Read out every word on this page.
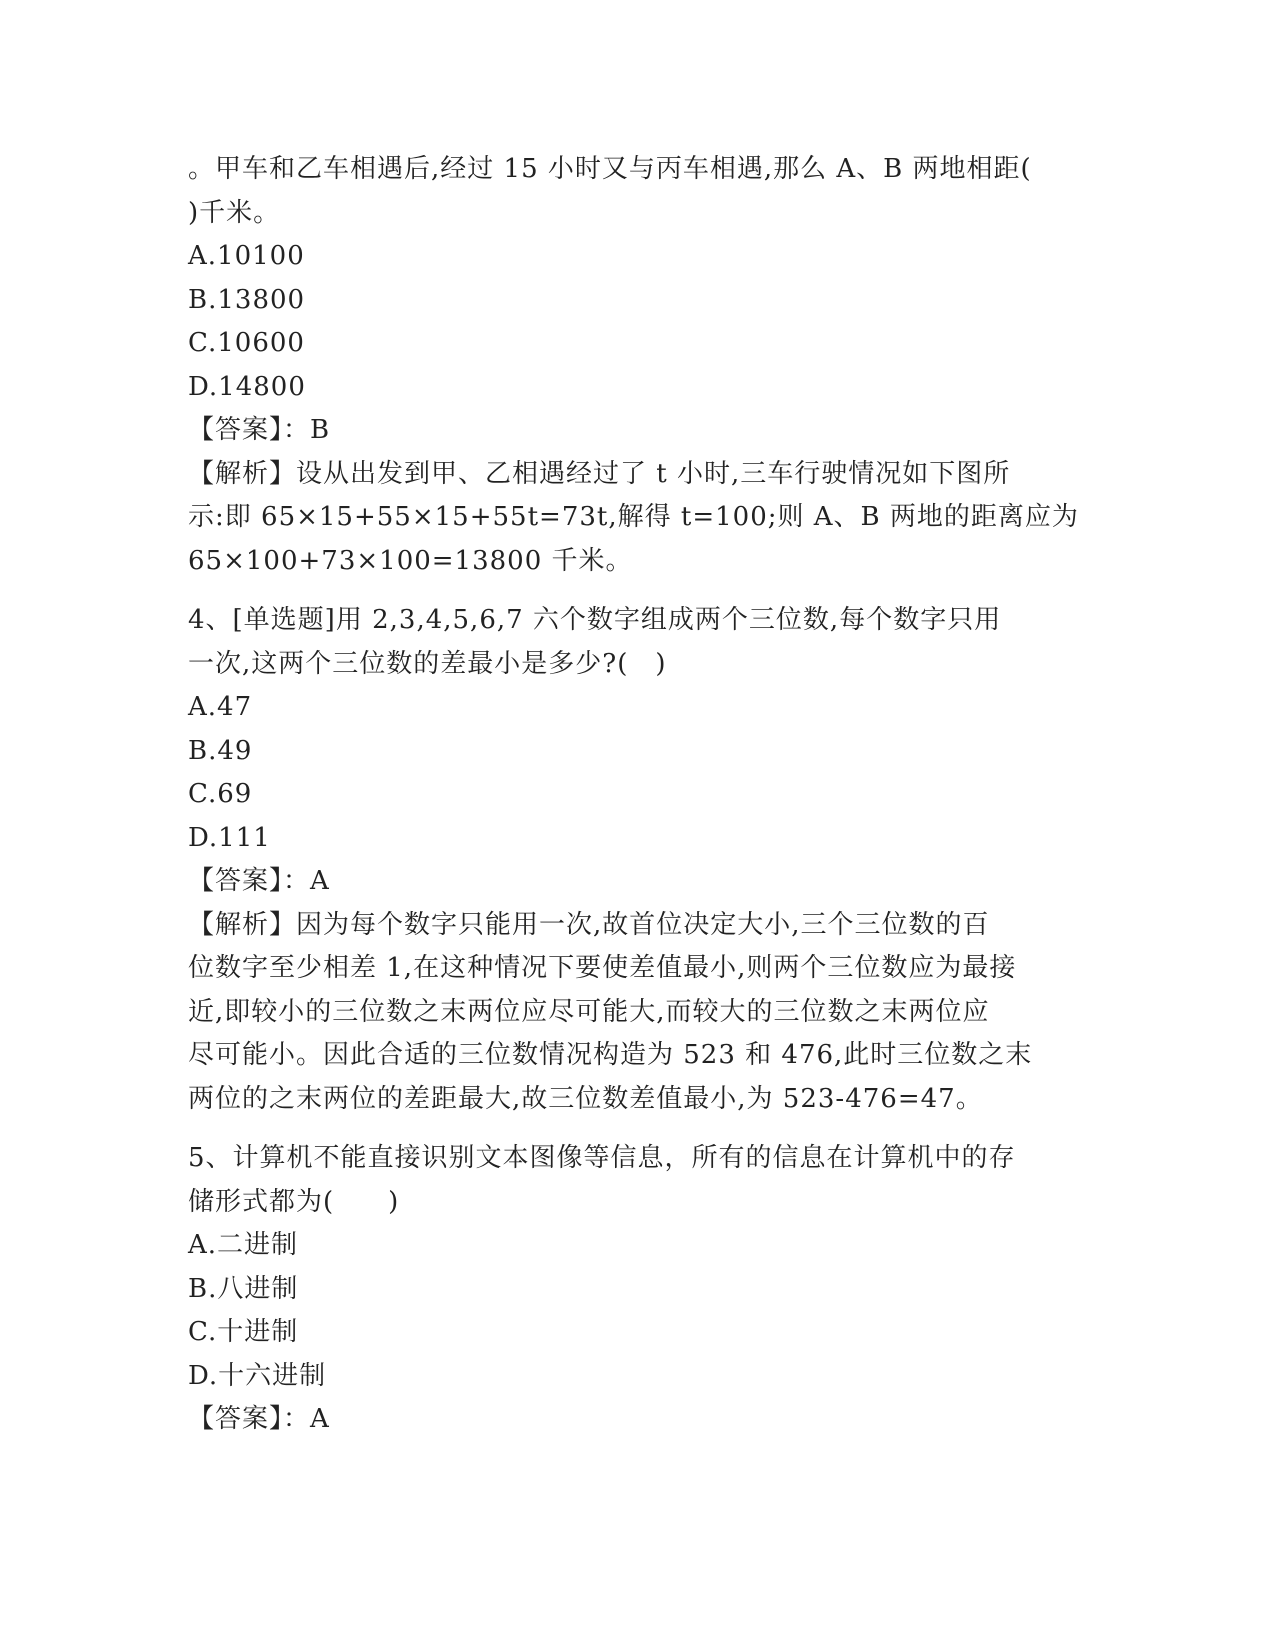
。甲车和乙车相遇后,经过 15 小时又与丙车相遇,那么 A、B 两地相距(
)千米。
A.10100
B.13800
C.10600
D.14800
【答案】：B
【解析】设从出发到甲、乙相遇经过了 t 小时,三车行驶情况如下图所
示:即 65×15+55×15+55t=73t,解得 t=100;则 A、B 两地的距离应为
65×100+73×100=13800 千米。
4、[单选题]用 2,3,4,5,6,7 六个数字组成两个三位数,每个数字只用
一次,这两个三位数的差最小是多少?(　)
A.47
B.49
C.69
D.111
【答案】：A
【解析】因为每个数字只能用一次,故首位决定大小,三个三位数的百
位数字至少相差 1,在这种情况下要使差值最小,则两个三位数应为最接
近,即较小的三位数之末两位应尽可能大,而较大的三位数之末两位应
尽可能小。因此合适的三位数情况构造为 523 和 476,此时三位数之末
两位的之末两位的差距最大,故三位数差值最小,为 523-476=47。
5、计算机不能直接识别文本图像等信息，所有的信息在计算机中的存
储形式都为(　　)
A.二进制
B.八进制
C.十进制
D.十六进制
【答案】：A
